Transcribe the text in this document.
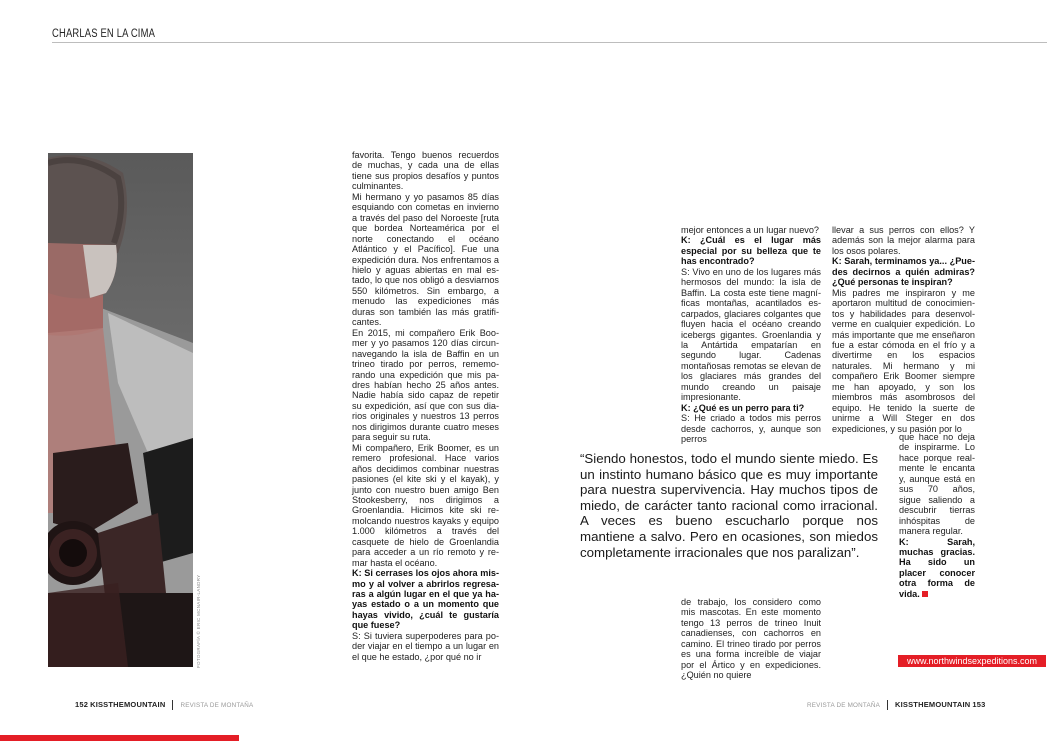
CHARLAS EN LA CIMA
FOTOGRAFÍA © ERIC MCNAIR-LANDRY

favorita. Tengo buenos recuerdos de muchas, y cada una de ellas tiene sus propios desafíos y puntos culminantes.

Mi hermano y yo pasamos 85 días esquiando con cometas en invierno a través del paso del Noroeste [ruta que bordea Norteamérica por el norte conectando el océano Atlántico y el Pacífico]. Fue una expedición dura. Nos enfrentamos a hielo y aguas abiertas en mal estado, lo que nos obligó a desviarnos 550 kilómetros. Sin embargo, a menudo las expediciones más duras son también las más gratificantes.

En 2015, mi compañero Erik Boomer y yo pasamos 120 días circunnavegando la isla de Baffin en un trineo tirado por perros, rememorando una expedición que mis padres habían hecho 25 años antes. Nadie había sido capaz de repetir su expedición, así que con sus diarios originales y nuestros 13 perros nos dirigimos durante cuatro meses para seguir su ruta.

Mi compañero, Erik Boomer, es un remero profesional. Hace varios años decidimos combinar nuestras pasiones (el kite ski y el kayak), y junto con nuestro buen amigo Ben Stookesberry, nos dirigimos a Groenlandia. Hicimos kite ski remolcando nuestros kayaks y equipo 1.000 kilómetros a través del casquete de hielo de Groenlandia para acceder a un río remoto y remar hasta el océano.

K: Si cerrases los ojos ahora mismo y al volver a abrirlos regresaras a algún lugar en el que ya hayas estado o a un momento que hayas vivido, ¿cuál te gustaría que fuese?

S: Si tuviera superpoderes para poder viajar en el tiempo a un lugar en el que he estado, ¿por qué no ir

mejor entonces a un lugar nuevo?

K: ¿Cuál es el lugar más especial por su belleza que te has encontrado?

S: Vivo en uno de los lugares más hermosos del mundo: la isla de Baffin. La costa este tiene magníficas montañas, acantilados escarpados, glaciares colgantes que fluyen hacia el océano creando icebergs gigantes. Groenlandia y la Antártida empatarían en segundo lugar. Cadenas montañosas remotas se elevan de los glaciares más grandes del mundo creando un paisaje impresionante.

K: ¿Qué es un perro para ti?

S: He criado a todos mis perros desde cachorros, y, aunque son perros

“Siendo honestos, todo el mundo siente miedo. Es un instinto humano básico que es muy importante para nuestra supervivencia. Hay muchos tipos de miedo, de carácter tanto racional como irracional. A veces es bueno escucharlo porque nos mantiene a salvo. Pero en ocasiones, son miedos completamente irracionales que nos paralizan”.

de trabajo, los considero como mis mascotas. En este momento tengo 13 perros de trineo Inuit canadienses, con cachorros en camino. El trineo tirado por perros es una forma increíble de viajar por el Ártico y en expediciones. ¿Quién no quiere

llevar a sus perros con ellos? Y además son la mejor alarma para los osos polares.

K: Sarah, terminamos ya... ¿Puedes decirnos a quién admiras? ¿Qué personas te inspiran?

Mis padres me inspiraron y me aportaron multitud de conocimientos y habilidades para desenvolverme en cualquier expedición. Lo más importante que me enseñaron fue a estar cómoda en el frío y a divertirme en los espacios naturales. Mi hermano y mi compañero Erik Boomer siempre me han apoyado, y son los miembros más asombrosos del equipo. He tenido la suerte de unirme a Will Steger en dos expediciones, y su pasión por lo

que hace no deja de inspirarme. Lo hace porque realmente le encanta y, aunque está en sus 70 años, sigue saliendo a descubrir tierras inhóspitas de manera regular.

K: Sarah, muchas gracias. Ha sido un placer conocer otra forma de vida.

www.northwindsexpeditions.com
152 KISSTHEMOUNTAIN REVISTA DE MONTAÑA	REVISTA DE MONTAÑA KISSTHEMOUNTAIN 153
